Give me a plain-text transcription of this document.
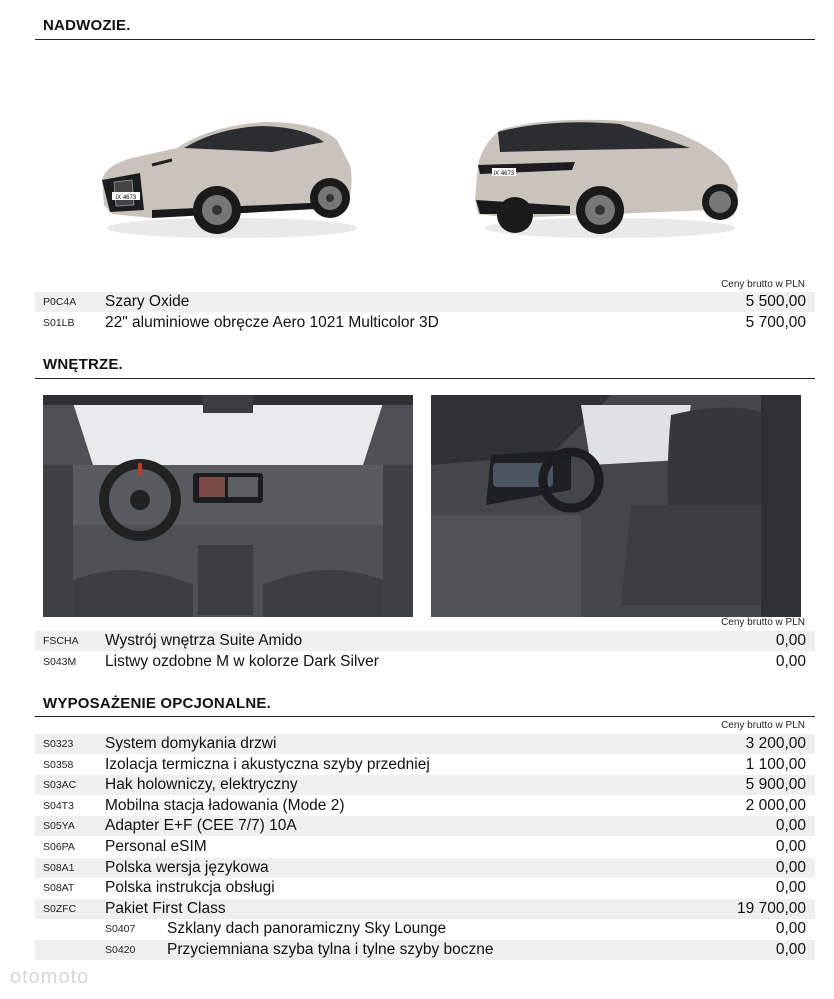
NADWOZIE.
iX 4673
iX 4673
Ceny brutto w PLN
P0C4A	Szary Oxide	5 500,00
S01LB	22" aluminiowe obręcze Aero 1021 Multicolor 3D	5 700,00
WNĘTRZE.
Ceny brutto w PLN
FSCHA	Wystrój wnętrza Suite Amido	0,00
S043M	Listwy ozdobne M w kolorze Dark Silver	0,00
WYPOSAŻENIE OPCJONALNE.
Ceny brutto w PLN
S0323	System domykania drzwi	3 200,00
S0358	Izolacja termiczna i akustyczna szyby przedniej	1 100,00
S03AC	Hak holowniczy, elektryczny	5 900,00
S04T3	Mobilna stacja ładowania (Mode 2)	2 000,00
S05YA	Adapter E+F (CEE 7/7) 10A	0,00
S06PA	Personal eSIM	0,00
S08A1	Polska wersja językowa	0,00
S08AT	Polska instrukcja obsługi	0,00
S0ZFC	Pakiet First Class	19 700,00
S0407	Szklany dach panoramiczny Sky Lounge	0,00
S0420	Przyciemniana szyba tylna i tylne szyby boczne	0,00
otomoto
